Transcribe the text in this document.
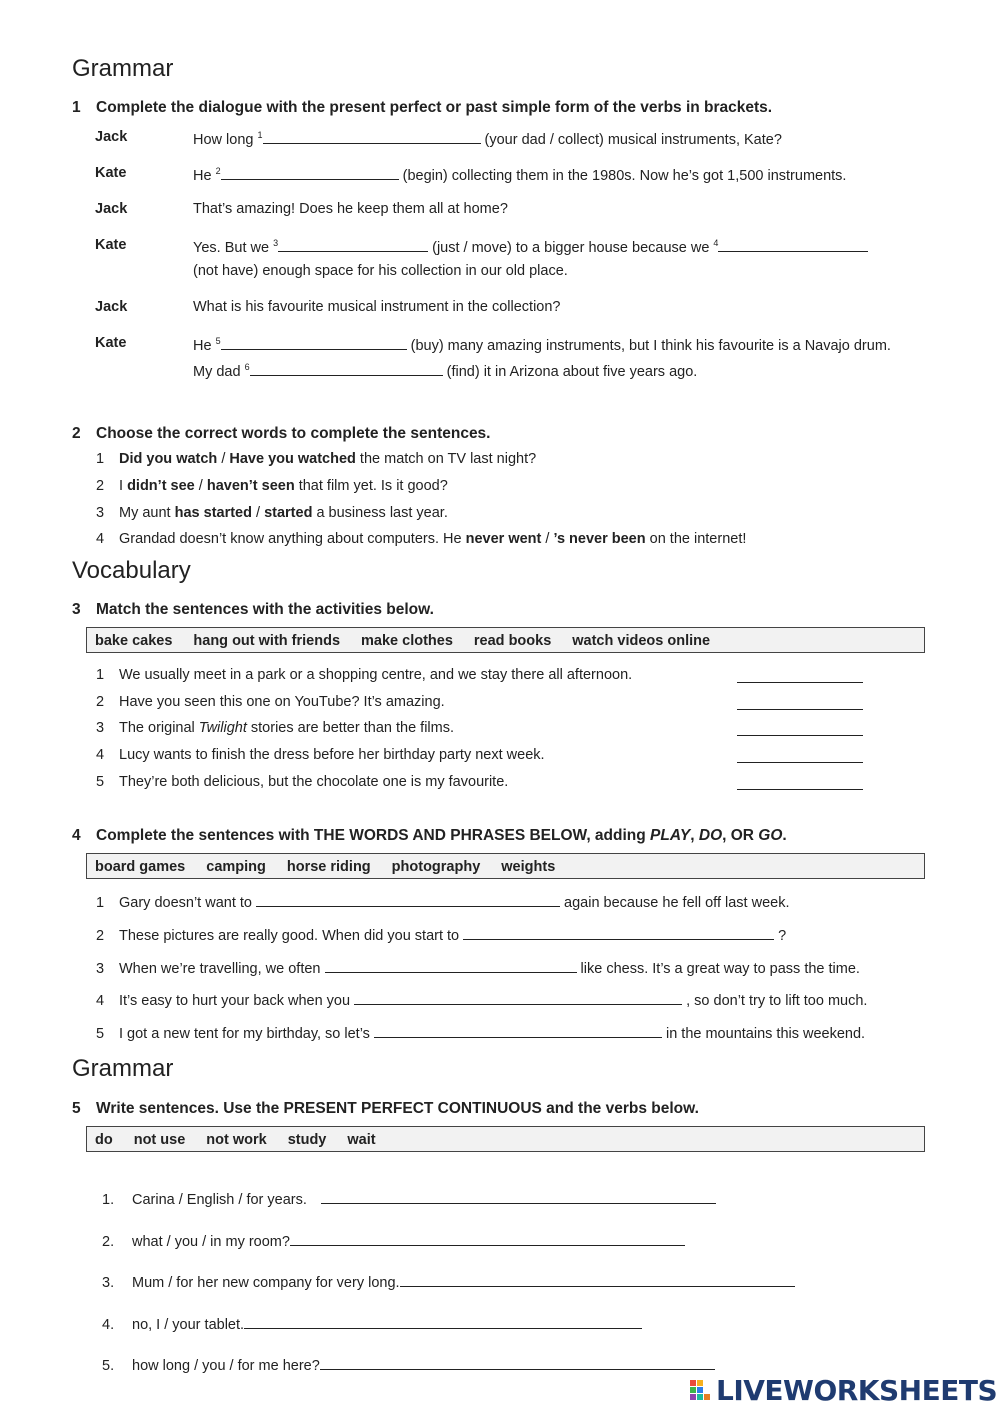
Grammar
1 Complete the dialogue with the present perfect or past simple form of the verbs in brackets.
Jack	How long $^1$	(your dad / collect) musical instruments, Kate?
Kate	He $^2$	(begin) collecting them in the 1980s. Now he’s got 1,500 instruments.
Jack	That’s amazing! Does he keep them all at home?
Kate	Yes. But we $^3$	(just / move) to a bigger house because we $^4$
(not have) enough space for his collection in our old place.
Jack	What is his favourite musical instrument in the collection?
Kate	He $^5$	(buy) many amazing instruments, but I think his favourite is a Navajo drum.
My dad $^6$	(find) it in Arizona about five years ago.
2 Choose the correct words to complete the sentences.
1 Did you watch / Have you watched the match on TV last night?
2 I didn’t see / haven’t seen that film yet. Is it good?
3 My aunt has started / started a business last year.
4 Grandad doesn’t know anything about computers. He never went / ’s never been on the internet!
Vocabulary
3 Match the sentences with the activities below.
bake cakes hang out with friends make clothes read books watch videos online
1 We usually meet in a park or a shopping centre, and we stay there all afternoon.
2 Have you seen this one on YouTube? It’s amazing.
3 The original Twilight stories are better than the films.
4 Lucy wants to finish the dress before her birthday party next week.
5 They’re both delicious, but the chocolate one is my favourite.
4 Complete the sentences with THE WORDS AND PHRASES BELOW, adding PLAY, DO, OR GO.
board games camping horse riding photography weights
1 Gary doesn’t want to	again because he fell off last week.
2 These pictures are really good. When did you start to	?
3 When we’re travelling, we often	like chess. It’s a great way to pass the time.
4 It’s easy to hurt your back when you	, so don’t try to lift too much.
5 I got a new tent for my birthday, so let’s	in the mountains this weekend.
Grammar
5 Write sentences. Use the PRESENT PERFECT CONTINUOUS and the verbs below.
do not use not work study wait
1. Carina / English / for years.
2. what / you / in my room?
3. Mum / for her new company for very long.
4. no, I / your tablet.
5. how long / you / for me here?
LIVEWORKSHEETS
